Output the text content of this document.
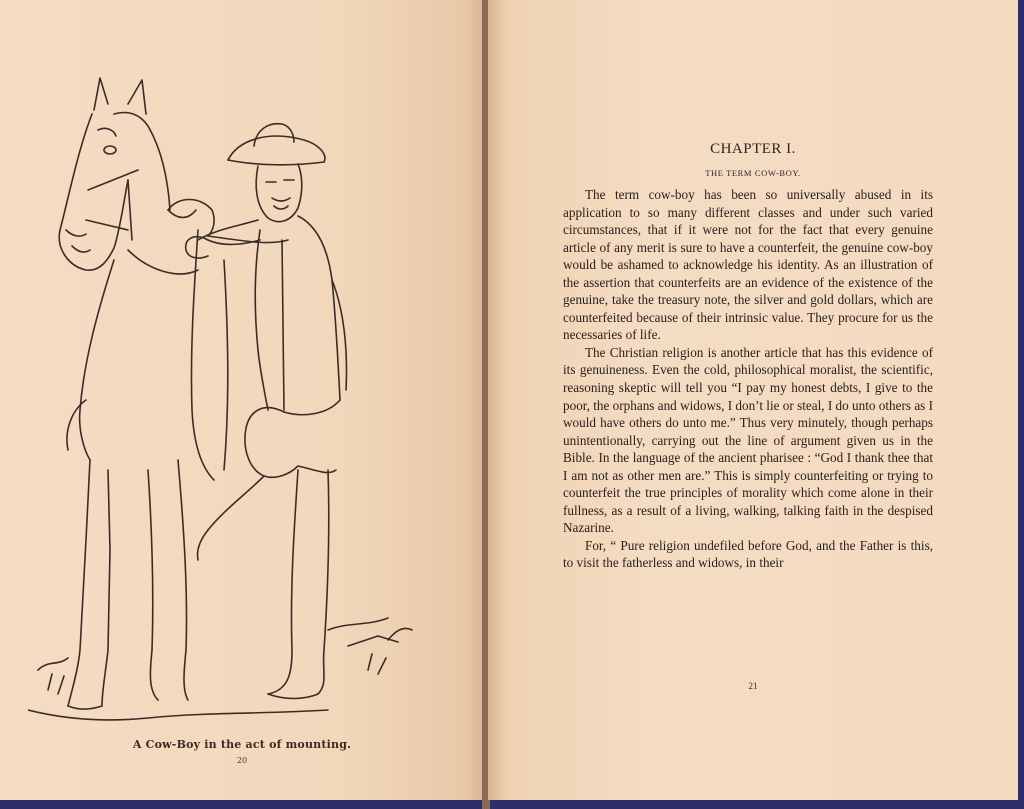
A Cow-Boy in the act of mounting.
20
CHAPTER I.
THE TERM COW-BOY.

The term cow-boy has been so universally abused in its application to so many different classes and under such varied circumstances, that if it were not for the fact that every genuine article of any merit is sure to have a counterfeit, the genuine cow-boy would be ashamed to acknowledge his identity. As an illustration of the assertion that counterfeits are an evidence of the existence of the genuine, take the treasury note, the silver and gold dollars, which are counterfeited because of their intrinsic value. They procure for us the necessaries of life.

The Christian religion is another article that has this evidence of its genuineness. Even the cold, philosophical moralist, the scientific, reasoning skeptic will tell you “I pay my honest debts, I give to the poor, the orphans and widows, I don’t lie or steal, I do unto others as I would have others do unto me.” Thus very minutely, though perhaps unintentionally, carrying out the line of argument given us in the Bible. In the language of the ancient pharisee : “God I thank thee that I am not as other men are.” This is simply counterfeiting or trying to counterfeit the true principles of morality which come alone in their fullness, as a result of a living, walking, talking faith in the despised Nazarine.

For, “ Pure religion undefiled before God, and the Father is this, to visit the fatherless and widows, in their

21
